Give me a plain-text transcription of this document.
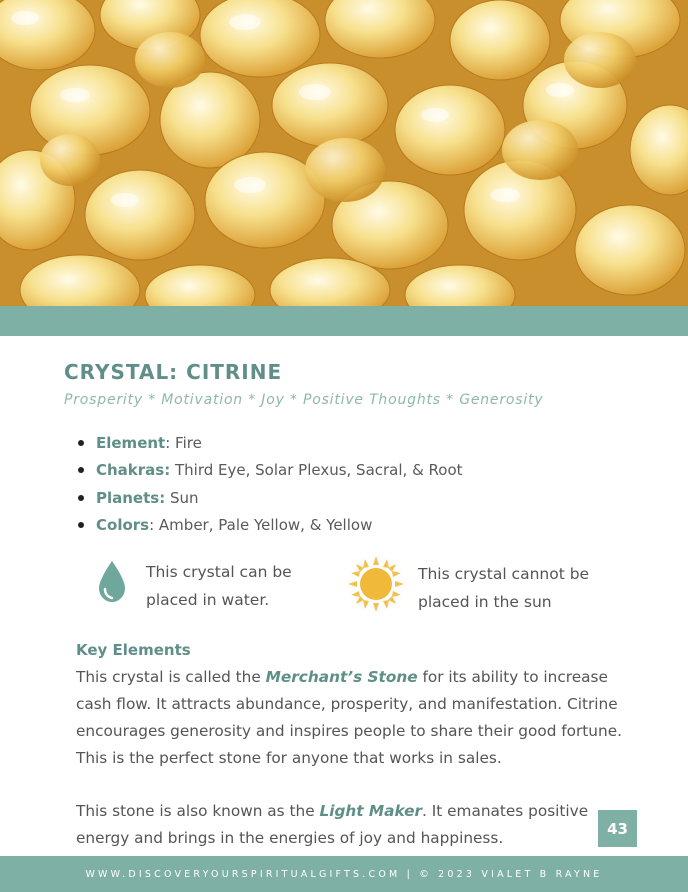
CRYSTAL: CITRINE
Prosperity * Motivation * Joy * Positive Thoughts * Generosity
Element: Fire
Chakras: Third Eye, Solar Plexus, Sacral, & Root
Planets: Sun
Colors: Amber, Pale Yellow, & Yellow
This crystal can be
placed in water.
This crystal cannot be
placed in the sun
Key Elements
This crystal is called the Merchant’s Stone for its ability to increase cash flow. It attracts abundance, prosperity, and manifestation. Citrine encourages generosity and inspires people to share their good fortune. This is the perfect stone for anyone that works in sales.
This stone is also known as the Light Maker. It emanates positive energy and brings in the energies of joy and happiness.
43
WWW.DISCOVERYOURSPIRITUALGIFTS.COM | © 2023 VIALET B RAYNE
